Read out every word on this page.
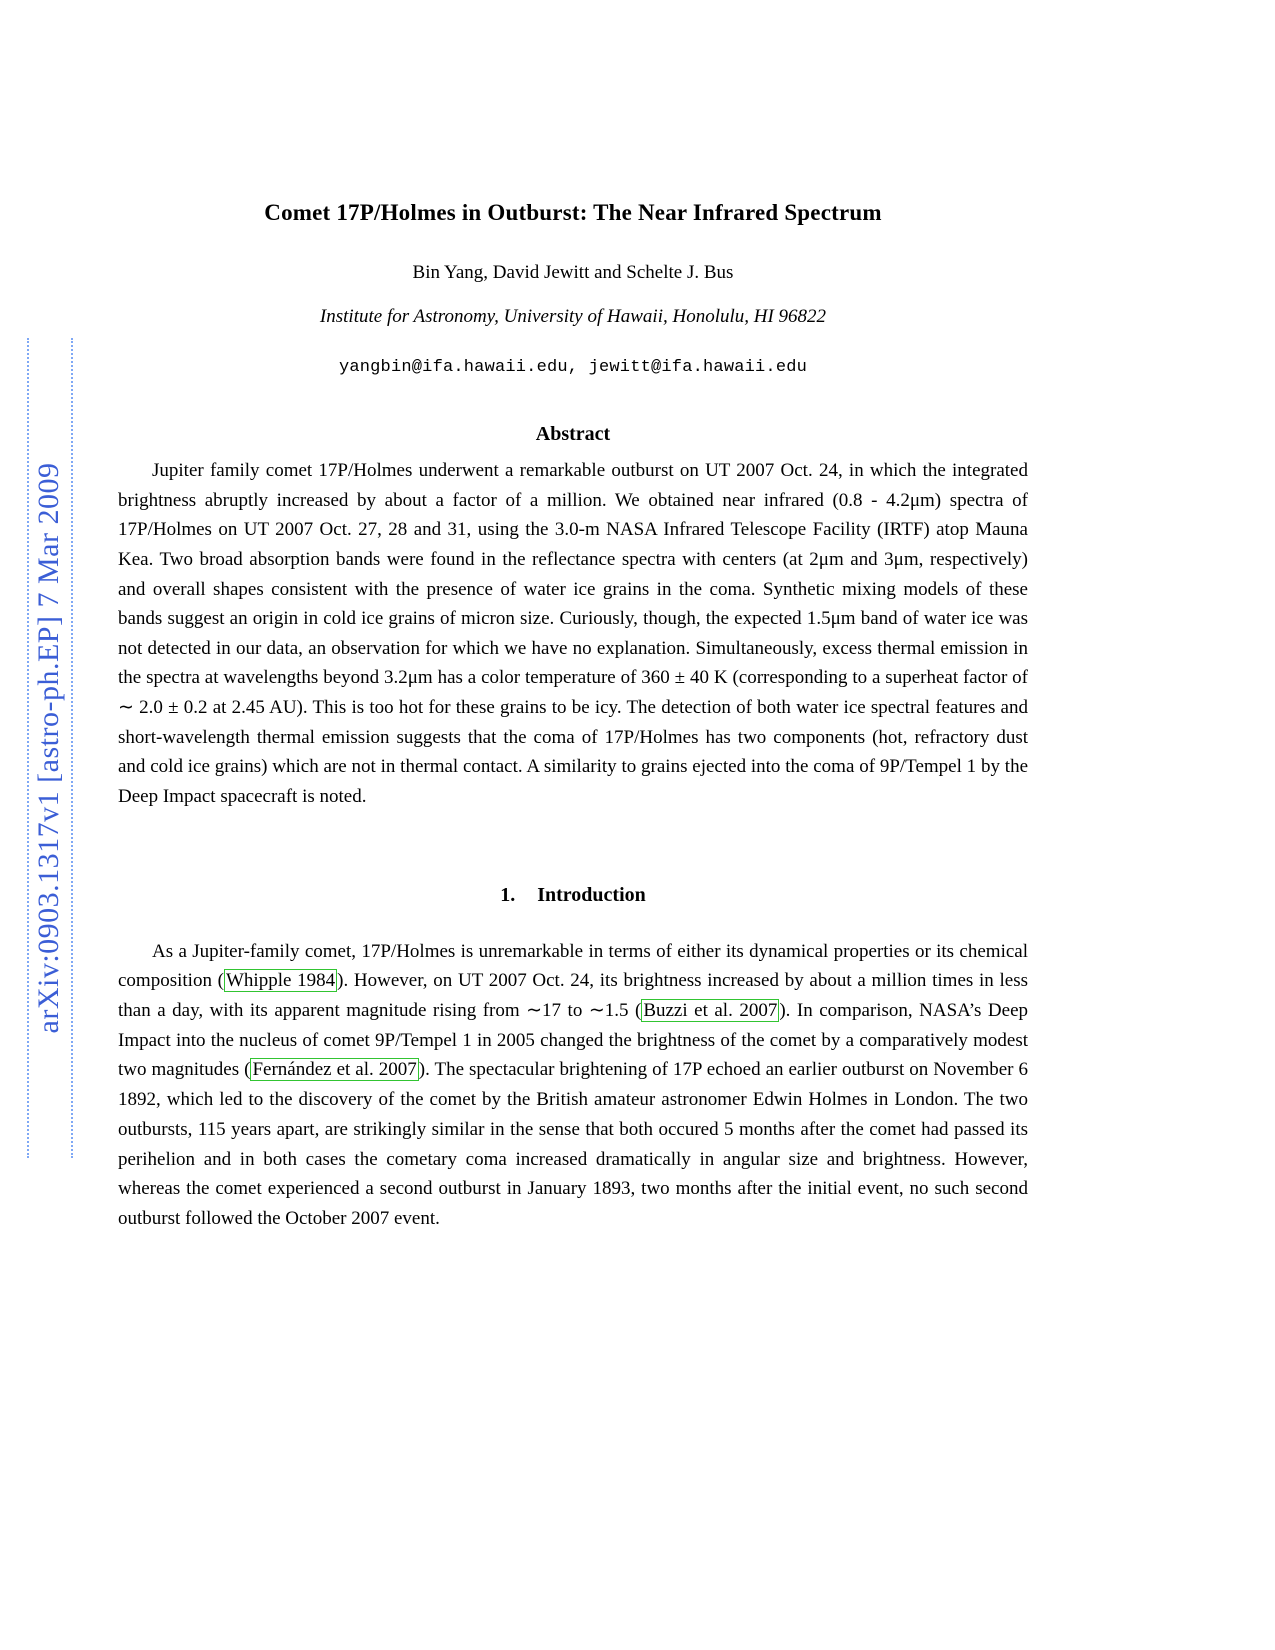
arXiv:0903.1317v1 [astro-ph.EP] 7 Mar 2009
Comet 17P/Holmes in Outburst: The Near Infrared Spectrum
Bin Yang, David Jewitt and Schelte J. Bus
Institute for Astronomy, University of Hawaii, Honolulu, HI 96822
yangbin@ifa.hawaii.edu, jewitt@ifa.hawaii.edu
Abstract

Jupiter family comet 17P/Holmes underwent a remarkable outburst on UT 2007 Oct. 24, in which the integrated brightness abruptly increased by about a factor of a million. We obtained near infrared (0.8 - 4.2μm) spectra of 17P/Holmes on UT 2007 Oct. 27, 28 and 31, using the 3.0-m NASA Infrared Telescope Facility (IRTF) atop Mauna Kea. Two broad absorption bands were found in the reflectance spectra with centers (at 2μm and 3μm, respectively) and overall shapes consistent with the presence of water ice grains in the coma. Synthetic mixing models of these bands suggest an origin in cold ice grains of micron size. Curiously, though, the expected 1.5μm band of water ice was not detected in our data, an observation for which we have no explanation. Simultaneously, excess thermal emission in the spectra at wavelengths beyond 3.2μm has a color temperature of 360 ± 40 K (corresponding to a superheat factor of ∼ 2.0 ± 0.2 at 2.45 AU). This is too hot for these grains to be icy. The detection of both water ice spectral features and short-wavelength thermal emission suggests that the coma of 17P/Holmes has two components (hot, refractory dust and cold ice grains) which are not in thermal contact. A similarity to grains ejected into the coma of 9P/Tempel 1 by the Deep Impact spacecraft is noted.

1. Introduction

As a Jupiter-family comet, 17P/Holmes is unremarkable in terms of either its dynamical properties or its chemical composition ( Whipple 1984 ). However, on UT 2007 Oct. 24, its brightness increased by about a million times in less than a day, with its apparent magnitude rising from ∼17 to ∼1.5 ( Buzzi et al. 2007 ). In comparison, NASA’s Deep Impact into the nucleus of comet 9P/Tempel 1 in 2005 changed the brightness of the comet by a comparatively modest two magnitudes ( Fernández et al. 2007 ). The spectacular brightening of 17P echoed an earlier outburst on November 6 1892, which led to the discovery of the comet by the British amateur astronomer Edwin Holmes in London. The two outbursts, 115 years apart, are strikingly similar in the sense that both occured 5 months after the comet had passed its perihelion and in both cases the cometary coma increased dramatically in angular size and brightness. However, whereas the comet experienced a second outburst in January 1893, two months after the initial event, no such second outburst followed the October 2007 event.
